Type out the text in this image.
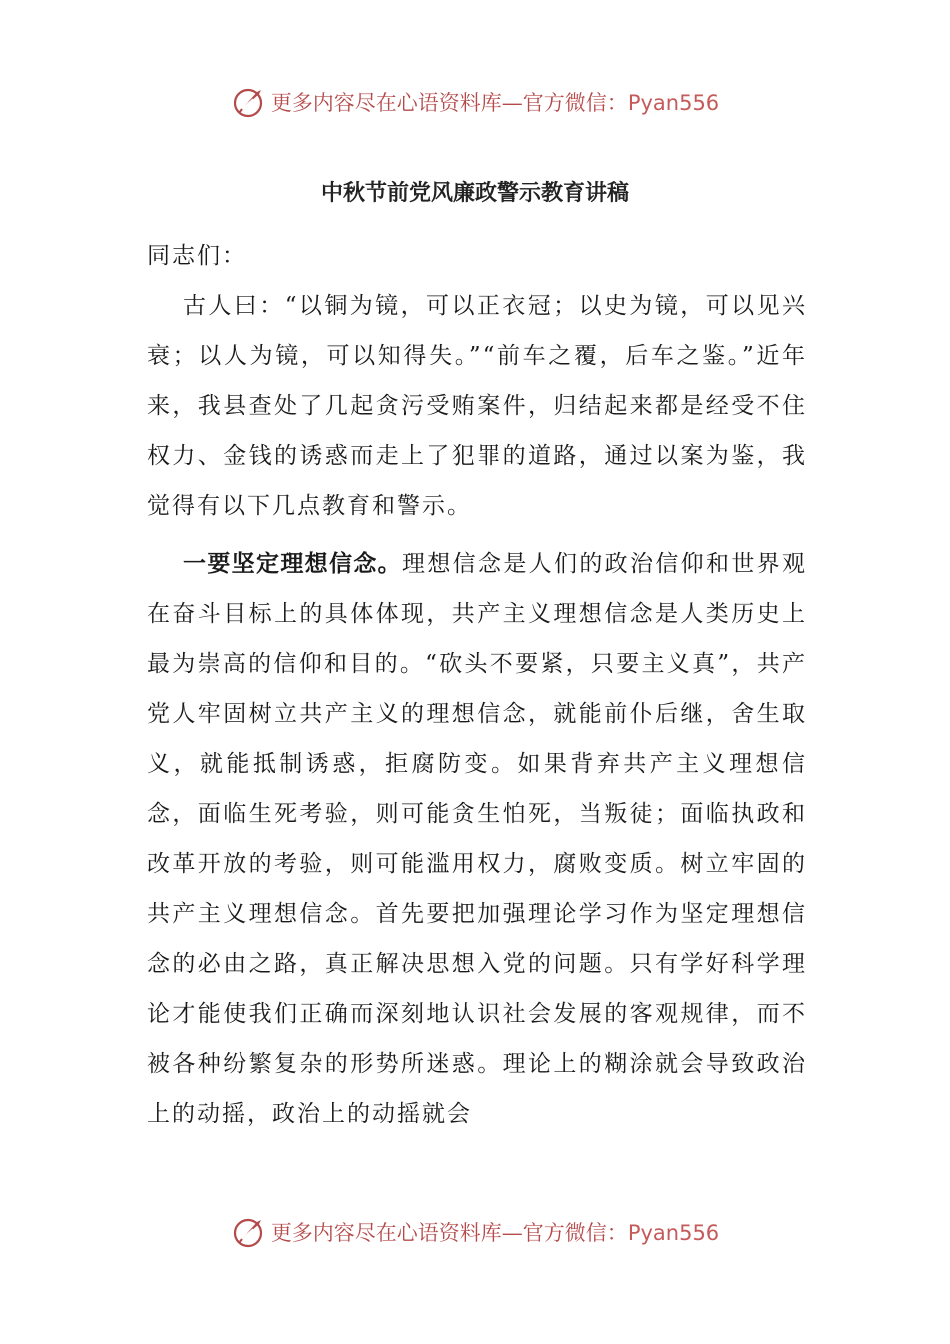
更多内容尽在心语资料库—官方微信：Pyan556
中秋节前党风廉政警示教育讲稿

同志们：

古人曰：“以铜为镜，可以正衣冠；以史为镜，可以见兴衰；以人为镜，可以知得失。”“前车之覆，后车之鉴。”近年来，我县查处了几起贪污受贿案件，归结起来都是经受不住权力、金钱的诱惑而走上了犯罪的道路，通过以案为鉴，我觉得有以下几点教育和警示。

一要坚定理想信念。理想信念是人们的政治信仰和世界观在奋斗目标上的具体体现，共产主义理想信念是人类历史上最为崇高的信仰和目的。“砍头不要紧，只要主义真”，共产党人牢固树立共产主义的理想信念，就能前仆后继，舍生取义，就能抵制诱惑，拒腐防变。如果背弃共产主义理想信念，面临生死考验，则可能贪生怕死，当叛徒；面临执政和改革开放的考验，则可能滥用权力，腐败变质。树立牢固的共产主义理想信念。首先要把加强理论学习作为坚定理想信念的必由之路，真正解决思想入党的问题。只有学好科学理论才能使我们正确而深刻地认识社会发展的客观规律，而不被各种纷繁复杂的形势所迷惑。理论上的糊涂就会导致政治上的动摇，政治上的动摇就会

更多内容尽在心语资料库—官方微信：Pyan556
